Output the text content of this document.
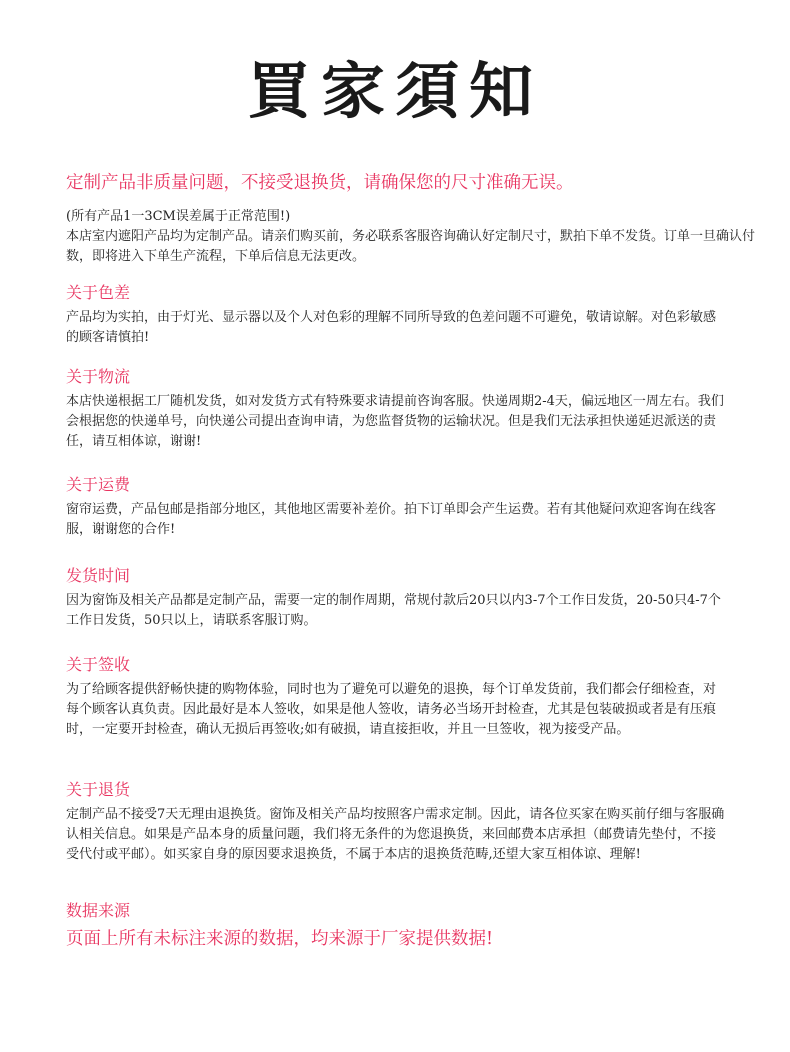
買家須知
定制产品非质量问题，不接受退换货，请确保您的尺寸准确无误。

(所有产品1一3CM误差属于正常范围!)

本店室内遮阳产品均为定制产品。请亲们购买前，务必联系客服咨询确认好定制尺寸，默拍下单不发货。订单一旦确认付数，即将进入下单生产流程，下单后信息无法更改。

关于色差

产品均为实拍，由于灯光、显示器以及个人对色彩的理解不同所导致的色差问题不可避免，敬请谅解。对色彩敏感的顾客请慎拍!

关于物流

本店快递根据工厂随机发货，如对发货方式有特殊要求请提前咨询客服。快递周期2-4天，偏远地区一周左右。我们会根据您的快递单号，向快递公司提出查询申请，为您监督货物的运输状况。但是我们无法承担快递延迟派送的责任，请互相体谅，谢谢!

关于运费

窗帘运费，产品包邮是指部分地区，其他地区需要补差价。拍下订单即会产生运费。若有其他疑问欢迎客询在线客服，谢谢您的合作!

发货时间

因为窗饰及相关产品都是定制产品，需要一定的制作周期，常规付款后20只以内3-7个工作日发货，20-50只4-7个工作日发货，50只以上，请联系客服订购。

关于签收

为了给顾客提供舒畅快捷的购物体验，同时也为了避免可以避免的退换，每个订单发货前，我们都会仔细检查，对每个顾客认真负责。因此最好是本人签收，如果是他人签收，请务必当场开封检查，尤其是包装破损或者是有压痕时，一定要开封检查，确认无损后再签收;如有破损，请直接拒收，并且一旦签收，视为接受产品。

关于退货

定制产品不接受7天无理由退换货。窗饰及相关产品均按照客户需求定制。因此，请各位买家在购买前仔细与客服确认相关信息。如果是产品本身的质量问题，我们将无条件的为您退换货，来回邮费本店承担（邮费请先垫付，不接受代付或平邮）。如买家自身的原因要求退换货，不属于本店的退换货范畴,还望大家互相体谅、理解!

数据来源

页面上所有未标注来源的数据，均来源于厂家提供数据!
